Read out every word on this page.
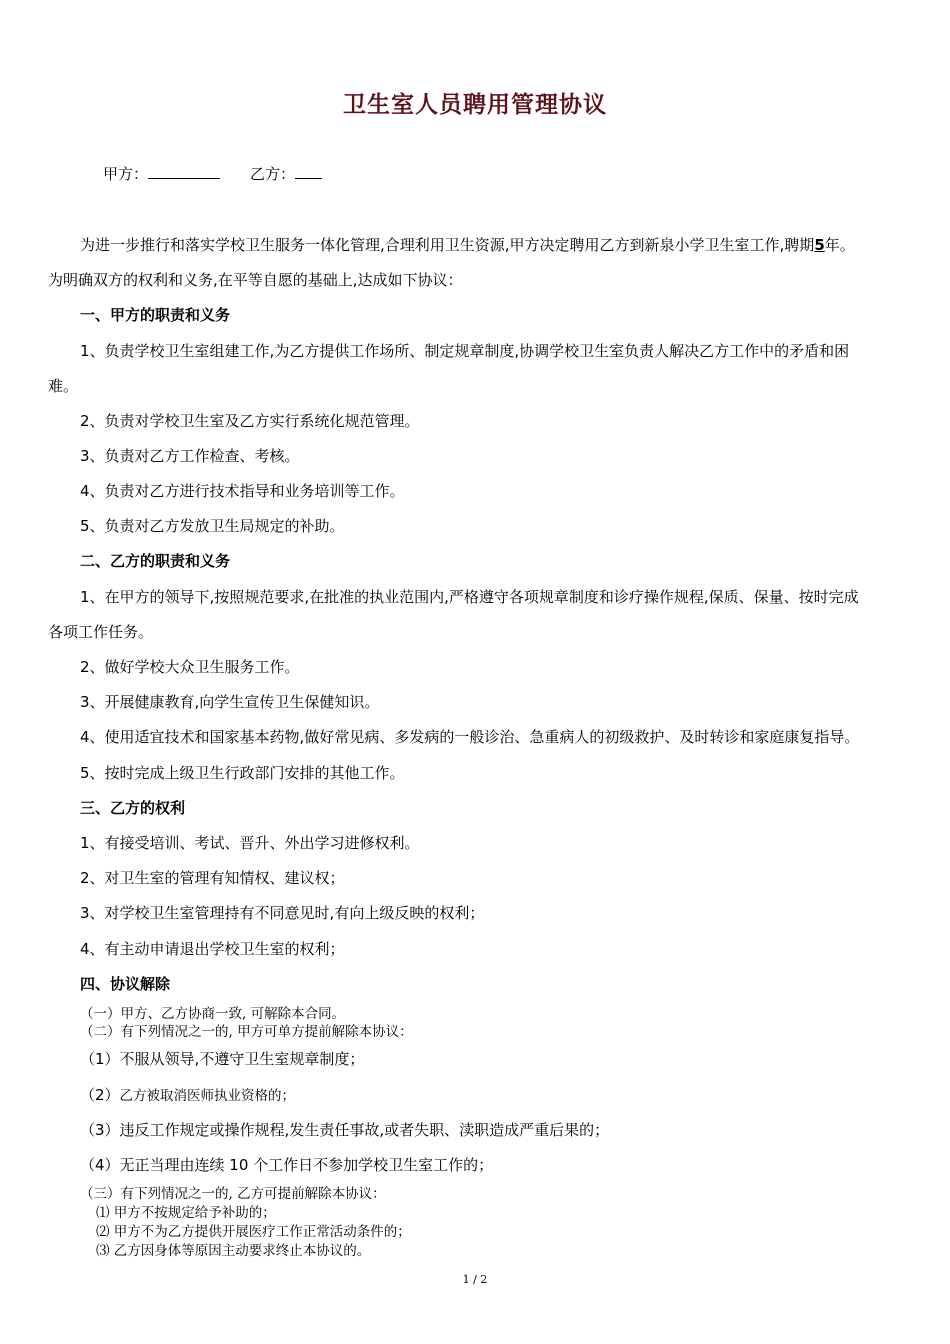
卫生室人员聘用管理协议
甲方：	乙方：
为进一步推行和落实学校卫生服务一体化管理,合理利用卫生资源,甲方决定聘用乙方到新泉小学卫生室工作,聘期5年。
为明确双方的权利和义务,在平等自愿的基础上,达成如下协议：
一、甲方的职责和义务
1、负责学校卫生室组建工作,为乙方提供工作场所、制定规章制度,协调学校卫生室负责人解决乙方工作中的矛盾和困
难。
2、负责对学校卫生室及乙方实行系统化规范管理。
3、负责对乙方工作检查、考核。
4、负责对乙方进行技术指导和业务培训等工作。
5、负责对乙方发放卫生局规定的补助。
二、乙方的职责和义务
1、在甲方的领导下,按照规范要求,在批准的执业范围内,严格遵守各项规章制度和诊疗操作规程,保质、保量、按时完成
各项工作任务。
2、做好学校大众卫生服务工作。
3、开展健康教育,向学生宣传卫生保健知识。
4、使用适宜技术和国家基本药物,做好常见病、多发病的一般诊治、急重病人的初级救护、及时转诊和家庭康复指导。
5、按时完成上级卫生行政部门安排的其他工作。
三、乙方的权利
1、有接受培训、考试、晋升、外出学习进修权利。
2、对卫生室的管理有知情权、建议权；
3、对学校卫生室管理持有不同意见时,有向上级反映的权利；
4、有主动申请退出学校卫生室的权利；
四、协议解除
（一）甲方、乙方协商一致, 可解除本合同。
（二）有下列情况之一的, 甲方可单方提前解除本协议：
（1）不服从领导,不遵守卫生室规章制度；
（2）乙方被取消医师执业资格的；
（3）违反工作规定或操作规程,发生责任事故,或者失职、渎职造成严重后果的；
（4）无正当理由连续 10 个工作日不参加学校卫生室工作的；
（三）有下列情况之一的, 乙方可提前解除本协议：
⑴ 甲方不按规定给予补助的；
⑵ 甲方不为乙方提供开展医疗工作正常活动条件的；
⑶ 乙方因身体等原因主动要求终止本协议的。
1 / 2
